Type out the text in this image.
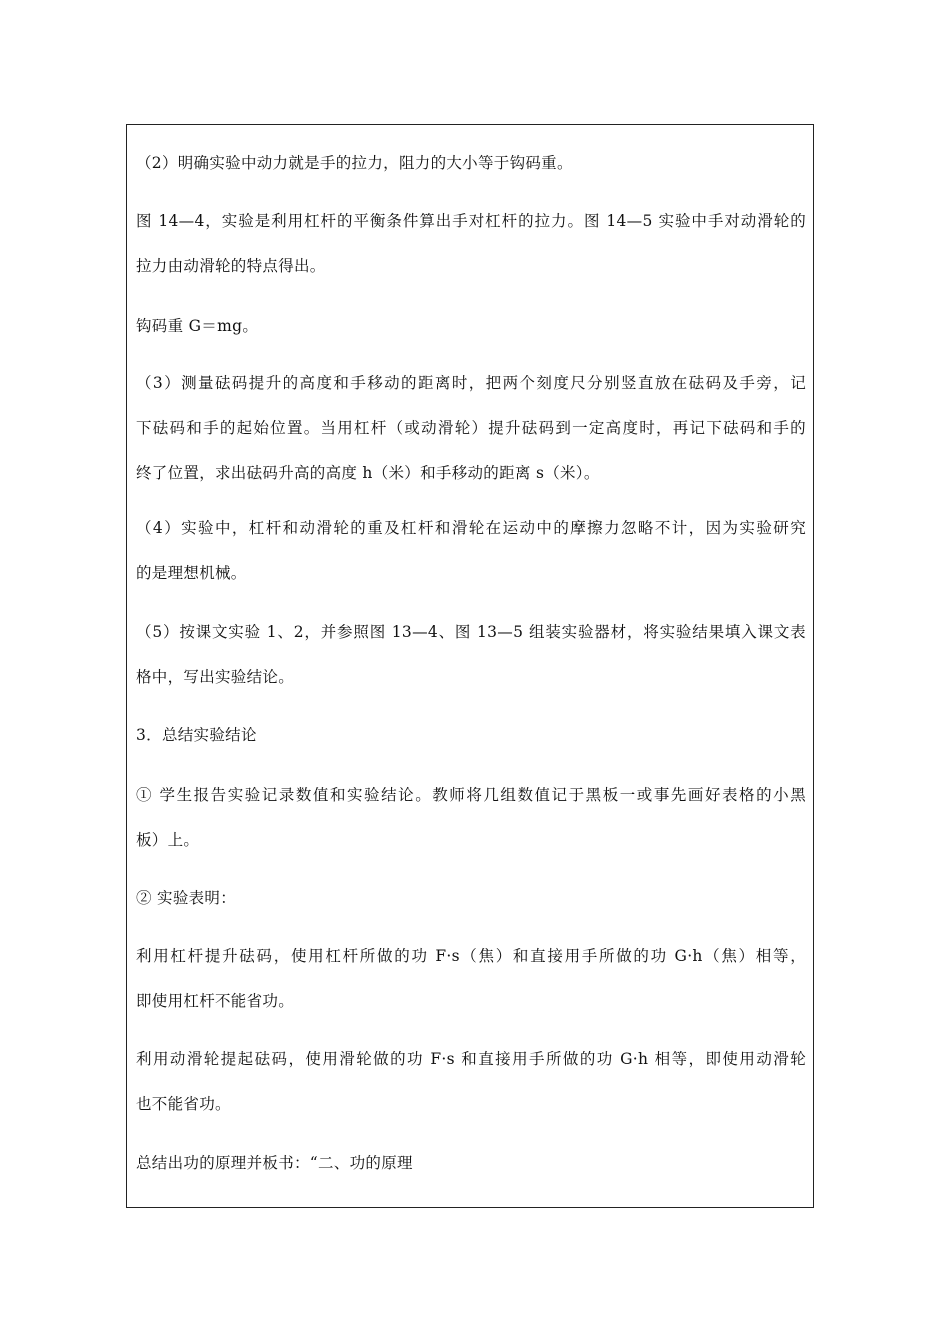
（2）明确实验中动力就是手的拉力，阻力的大小等于钩码重。
图 14—4，实验是利用杠杆的平衡条件算出手对杠杆的拉力。图 14—5 实验中手对动滑轮的
拉力由动滑轮的特点得出。
钩码重 G＝mg。
（3）测量砝码提升的高度和手移动的距离时，把两个刻度尺分别竖直放在砝码及手旁，记
下砝码和手的起始位置。当用杠杆（或动滑轮）提升砝码到一定高度时，再记下砝码和手的
终了位置，求出砝码升高的高度 h（米）和手移动的距离 s（米）。
（4）实验中，杠杆和动滑轮的重及杠杆和滑轮在运动中的摩擦力忽略不计，因为实验研究
的是理想机械。
（5）按课文实验 1、2，并参照图 13—4、图 13—5 组装实验器材，将实验结果填入课文表
格中，写出实验结论。
3．总结实验结论
① 学生报告实验记录数值和实验结论。教师将几组数值记于黑板一或事先画好表格的小黑
板）上。
② 实验表明：
利用杠杆提升砝码，使用杠杆所做的功 F·s（焦）和直接用手所做的功 G·h（焦）相等，
即使用杠杆不能省功。
利用动滑轮提起砝码，使用滑轮做的功 F·s 和直接用手所做的功 G·h 相等，即使用动滑轮
也不能省功。
总结出功的原理并板书：“二、功的原理
